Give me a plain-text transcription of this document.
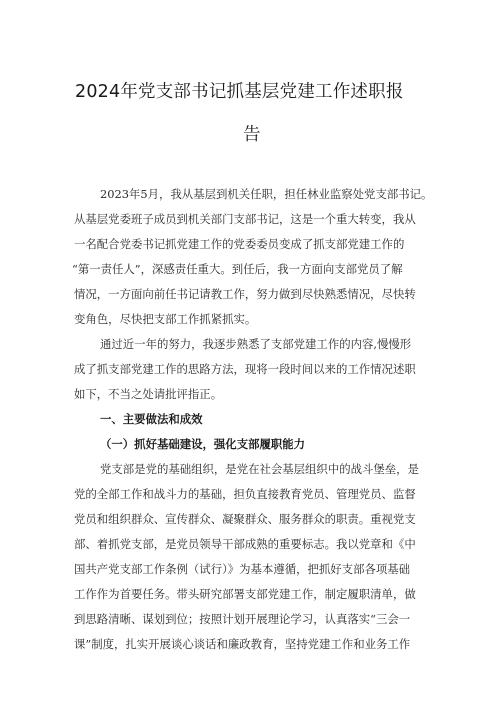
2024年党支部书记抓基层党建工作述职报
告
2023年5月，我从基层到机关任职，担任林业监察处党支部书记。
从基层党委班子成员到机关部门支部书记，这是一个重大转变，我从
一名配合党委书记抓党建工作的党委委员变成了抓支部党建工作的
“第一责任人”，深感责任重大。到任后，我一方面向支部党员了解
情况，一方面向前任书记请教工作，努力做到尽快熟悉情况，尽快转
变角色，尽快把支部工作抓紧抓实。
通过近一年的努力，我逐步熟悉了支部党建工作的内容,慢慢形
成了抓支部党建工作的思路方法，现将一段时间以来的工作情况述职
如下，不当之处请批评指正。
一、主要做法和成效
（一）抓好基础建设，强化支部履职能力
党支部是党的基础组织，是党在社会基层组织中的战斗堡垒，是
党的全部工作和战斗力的基础，担负直接教育党员、管理党员、监督
党员和组织群众、宣传群众、凝聚群众、服务群众的职责。重视党支
部、着抓党支部，是党员领导干部成熟的重要标志。我以党章和《中
国共产党支部工作条例（试行）》为基本遵循，把抓好支部各项基础
工作作为首要任务。带头研究部署支部党建工作，制定履职清单，做
到思路清晰、谋划到位；按照计划开展理论学习，认真落实“三会一
课”制度，扎实开展谈心谈话和廉政教育，坚持党建工作和业务工作
